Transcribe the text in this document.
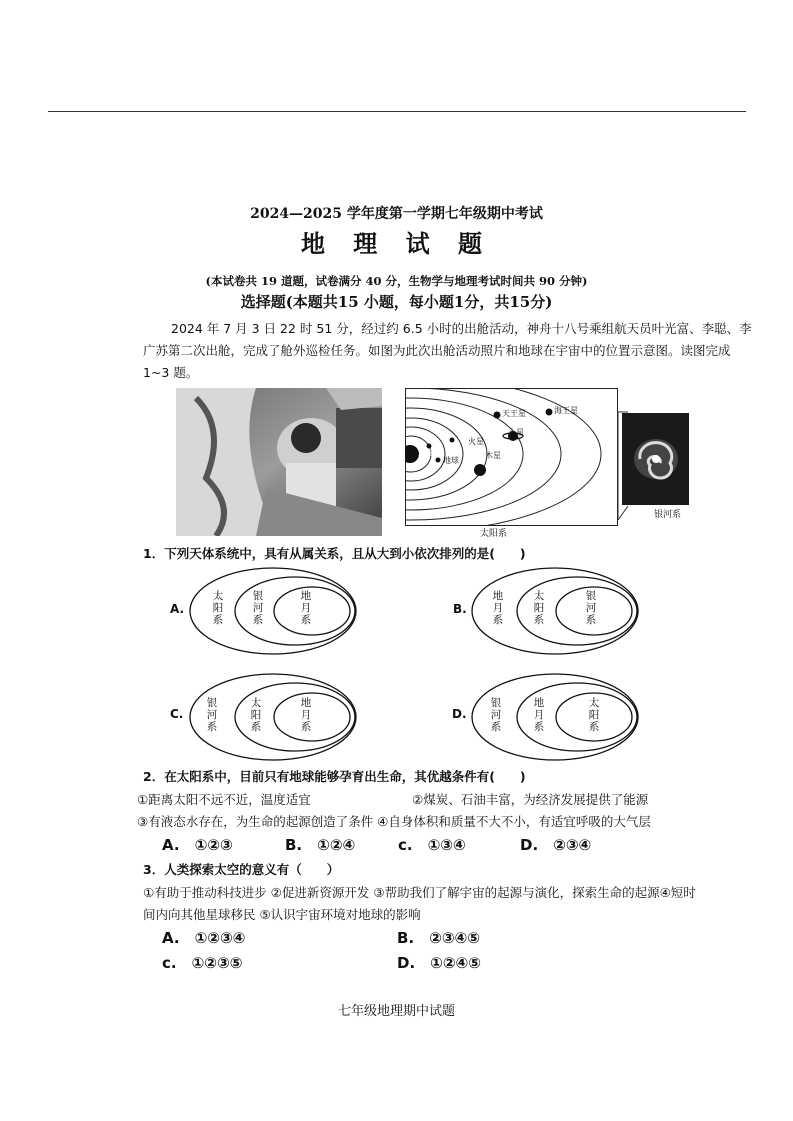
2024—2025 学年度第一学期七年级期中考试
地 理 试 题
(本试卷共 19 道题，试卷满分 40 分，生物学与地理考试时间共 90 分钟)
选择题(本题共15 小题，每小题1分，共15分)
2024 年 7 月 3 日 22 时 51 分，经过约 6.5 小时的出舱活动，神舟十八号乘组航天员叶光富、李聪、李广苏第二次出舱，完成了舱外巡检任务。如图为此次出舱活动照片和地球在宇宙中的位置示意图。读图完成 1~3 题。
天王星	海王星
土星
木星
地球
火星
太阳
太阳系
银河系
1．下列天体系统中，具有从属关系，且从大到小依次排列的是(　　)
A.
太阳系
银河系
地月系
B.
地月系
太阳系
银河系
C.
银河系
太阳系
地月系
D.
银河系
地月系
太阳系
2．在太阳系中，目前只有地球能够孕育出生命，其优越条件有(　　)
①距离太阳不远不近，温度适宜	②煤炭、石油丰富，为经济发展提供了能源
③有液态水存在，为生命的起源创造了条件 ④自身体积和质量不大不小，有适宜呼吸的大气层
A.　①②③	B.　①②④	c.　①③④	D.　②③④
3．人类探索太空的意义有（　　）
①有助于推动科技进步 ②促进新资源开发 ③帮助我们了解宇宙的起源与演化，探索生命的起源④短时
间内向其他星球移民 ⑤认识宇宙环境对地球的影响
A.　①②③④	B.　②③④⑤
c.　①②③⑤	D.　①②④⑤
七年级地理期中试题
